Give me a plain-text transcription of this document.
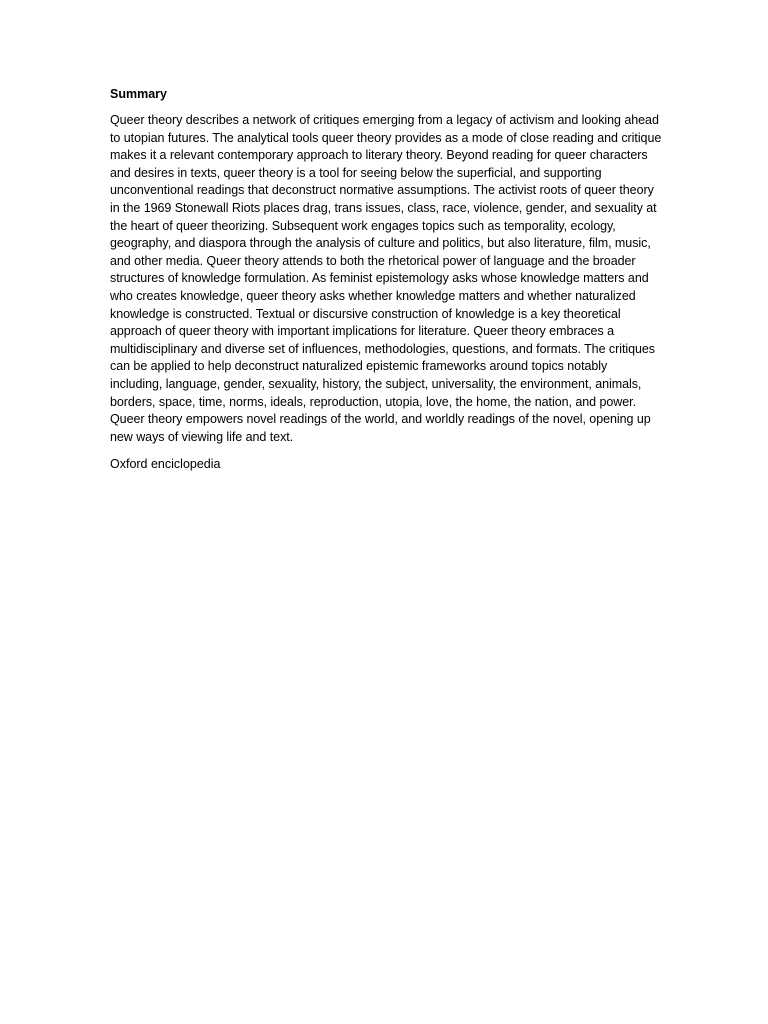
Summary

Queer theory describes a network of critiques emerging from a legacy of activism and looking ahead to utopian futures. The analytical tools queer theory provides as a mode of close reading and critique makes it a relevant contemporary approach to literary theory. Beyond reading for queer characters and desires in texts, queer theory is a tool for seeing below the superficial, and supporting unconventional readings that deconstruct normative assumptions. The activist roots of queer theory in the 1969 Stonewall Riots places drag, trans issues, class, race, violence, gender, and sexuality at the heart of queer theorizing. Subsequent work engages topics such as temporality, ecology, geography, and diaspora through the analysis of culture and politics, but also literature, film, music, and other media. Queer theory attends to both the rhetorical power of language and the broader structures of knowledge formulation. As feminist epistemology asks whose knowledge matters and who creates knowledge, queer theory asks whether knowledge matters and whether naturalized knowledge is constructed. Textual or discursive construction of knowledge is a key theoretical approach of queer theory with important implications for literature. Queer theory embraces a multidisciplinary and diverse set of influences, methodologies, questions, and formats. The critiques can be applied to help deconstruct naturalized epistemic frameworks around topics notably including, language, gender, sexuality, history, the subject, universality, the environment, animals, borders, space, time, norms, ideals, reproduction, utopia, love, the home, the nation, and power. Queer theory empowers novel readings of the world, and worldly readings of the novel, opening up new ways of viewing life and text.

Oxford enciclopedia
